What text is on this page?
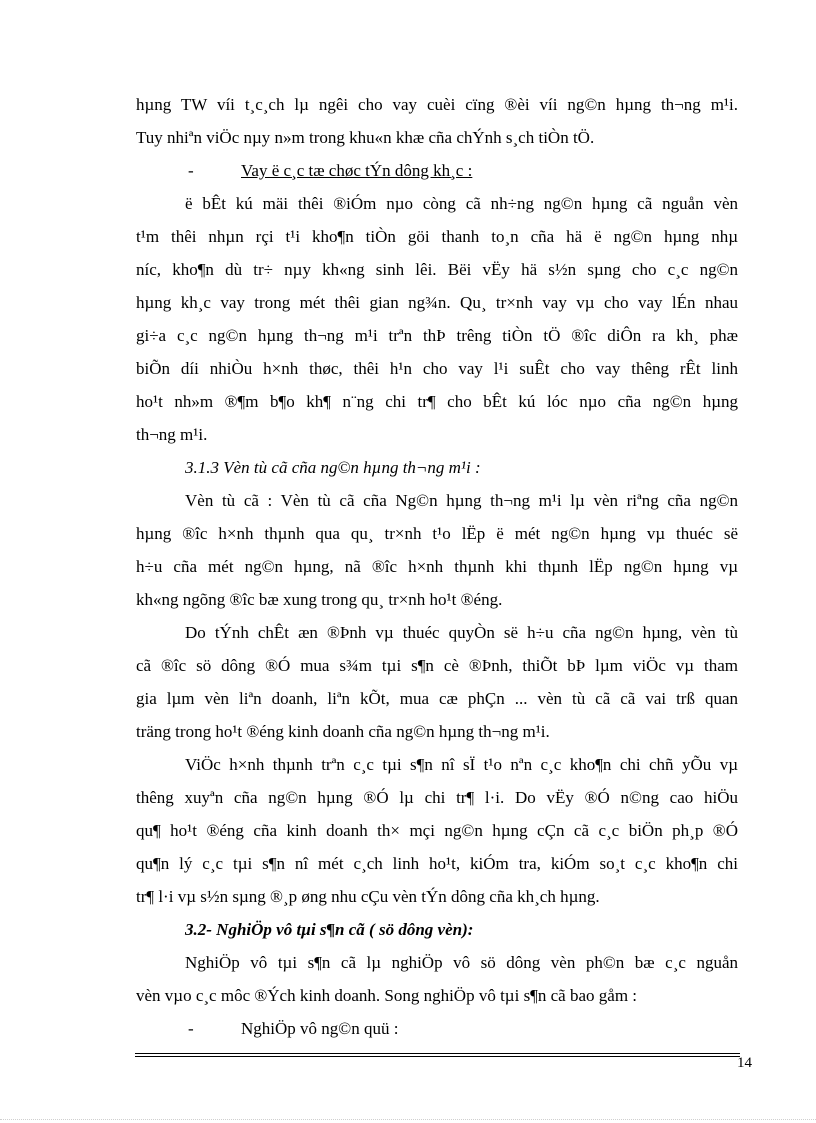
hµng TW víi t¸c¸ch lµ ngêi cho vay cuèi cïng ®èi víi ng©n hµng th¬ng m¹i.
Tuy nhiªn viÖc nµy n»m trong khu«n khæ cña chÝnh s¸ch tiÒn tÖ.
-	Vay ë c¸c tæ chøc tÝn dông kh¸c :
ë bÊt kú mäi thêi ®iÓm nµo còng cã nh÷ng ng©n hµng cã nguån vèn
t¹m thêi nhµn rçi t¹i kho¶n tiÒn göi thanh to¸n cña hä ë ng©n hµng nhµ
níc, kho¶n dù tr÷ nµy kh«ng sinh lêi. Bëi vËy hä s½n sµng cho c¸c ng©n
hµng kh¸c vay trong mét thêi gian ng¾n. Qu¸ tr×nh vay vµ cho vay lÉn nhau
gi÷a c¸c ng©n hµng th¬ng m¹i trªn thÞ trêng tiÒn tÖ ®îc diÔn ra kh¸ phæ
biÕn díi nhiÒu h×nh thøc, thêi h¹n cho vay l¹i suÊt cho vay thêng rÊt linh
ho¹t nh»m ®¶m b¶o kh¶ n¨ng chi tr¶ cho bÊt kú lóc nµo cña ng©n hµng
th¬ng m¹i.
3.1.3 Vèn tù cã cña ng©n hµng th¬ng m¹i :
Vèn tù cã : Vèn tù cã cña Ng©n hµng th¬ng m¹i lµ vèn riªng cña ng©n
hµng ®îc h×nh thµnh qua qu¸ tr×nh t¹o lËp ë mét ng©n hµng vµ thuéc së
h÷u cña mét ng©n hµng, nã ®îc h×nh thµnh khi thµnh lËp ng©n hµng vµ
kh«ng ngõng ®îc bæ xung trong qu¸ tr×nh ho¹t ®éng.
Do tÝnh chÊt æn ®Þnh vµ thuéc quyÒn së h÷u cña ng©n hµng, vèn tù
cã ®îc sö dông ®Ó mua s¾m tµi s¶n cè ®Þnh, thiÕt bÞ lµm viÖc vµ tham
gia lµm vèn liªn doanh, liªn kÕt, mua cæ phÇn ... vèn tù cã cã vai trß quan
träng trong ho¹t ®éng kinh doanh cña ng©n hµng th¬ng m¹i.
ViÖc h×nh thµnh trªn c¸c tµi s¶n nî sÏ t¹o nªn c¸c kho¶n chi chñ yÕu vµ
thêng xuyªn cña ng©n hµng ®Ó lµ chi tr¶ l·i. Do vËy ®Ó n©ng cao hiÖu
qu¶ ho¹t ®éng cña kinh doanh th× mçi ng©n hµng cÇn cã c¸c biÖn ph¸p ®Ó
qu¶n lý c¸c tµi s¶n nî mét c¸ch linh ho¹t, kiÓm tra, kiÓm so¸t c¸c kho¶n chi
tr¶ l·i vµ s½n sµng ®¸p øng nhu cÇu vèn tÝn dông cña kh¸ch hµng.
3.2- NghiÖp vô tµi s¶n cã ( sö dông vèn):
NghiÖp vô tµi s¶n cã lµ nghiÖp vô sö dông vèn ph©n bæ c¸c nguån
vèn vµo c¸c môc ®Ých kinh doanh. Song nghiÖp vô tµi s¶n cã bao gåm :
-	NghiÖp vô ng©n quü :
14
